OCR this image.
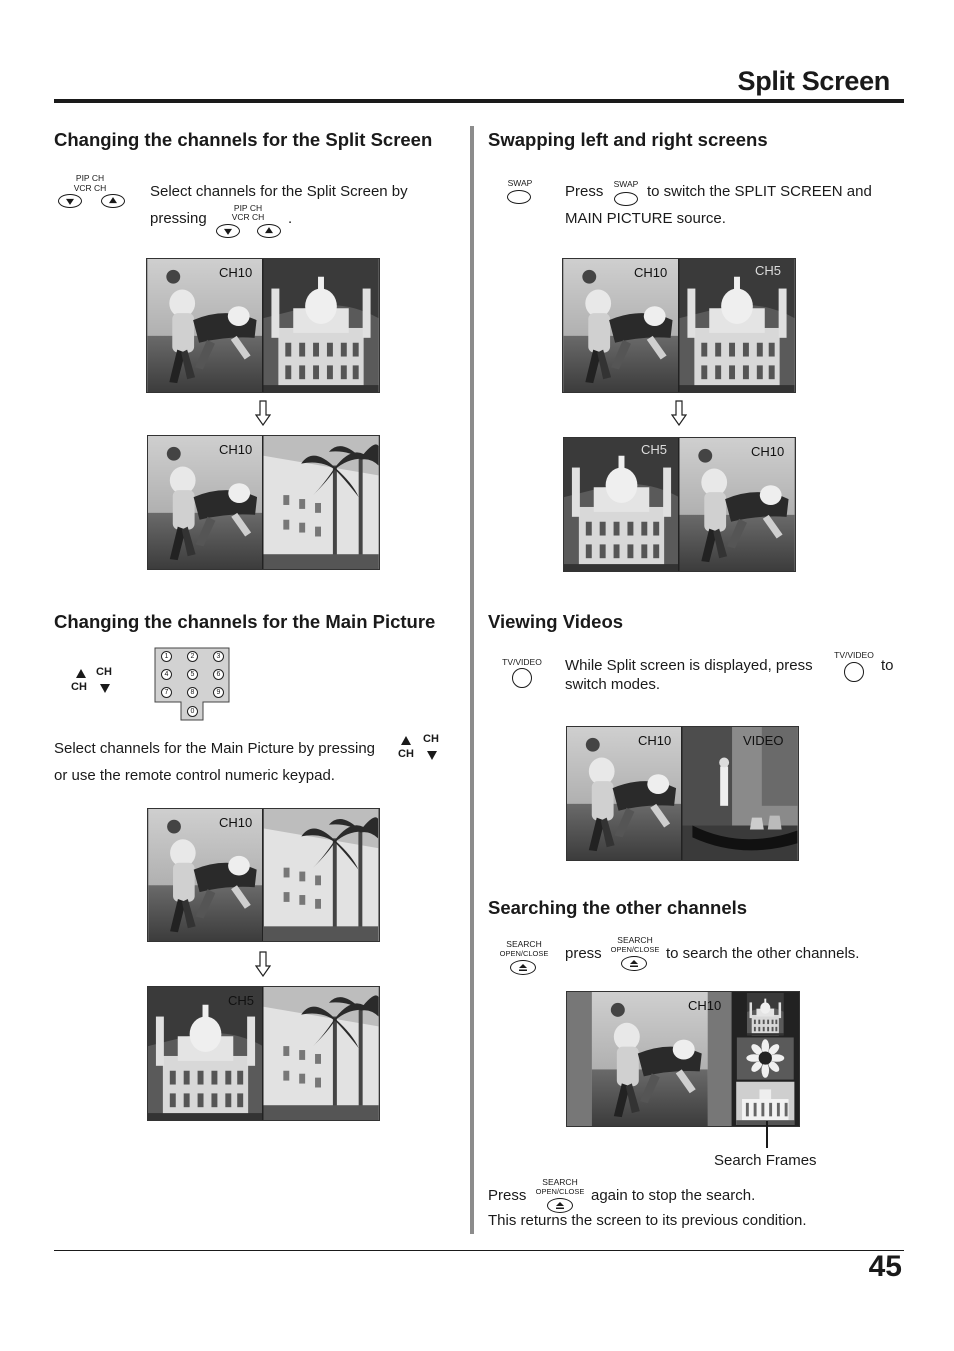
Split Screen
Changing the channels for the Split Screen
PIP CH
VCR CH	Select channels for the Split Screen by
pressing
PIP CH
VCR CH .
CH10
CH10
Changing the channels for the Main Picture
CH
CH
1	2	3
4	5	6
7	8	9
0
Select channels for the Main Picture by pressing
CH
CH
or use the remote control numeric keypad.
CH10
CH5
Swapping left and right screens
SWAP	Press	SWAP to switch the SPLIT SCREEN and
MAIN PICTURE source.
CH10	CH5
CH5	CH10
Viewing Videos
TV/VIDEO	While Split screen is displayed, press
TV/VIDEO
to
switch modes.
CH10	VIDEO
Searching the other channels
SEARCH
OPEN/CLOSE	press
SEARCH
OPEN/CLOSE to search the other channels.
CH10
Search Frames
Press
SEARCH
OPEN/CLOSE again to stop the search.
This returns the screen to its previous condition.
45
